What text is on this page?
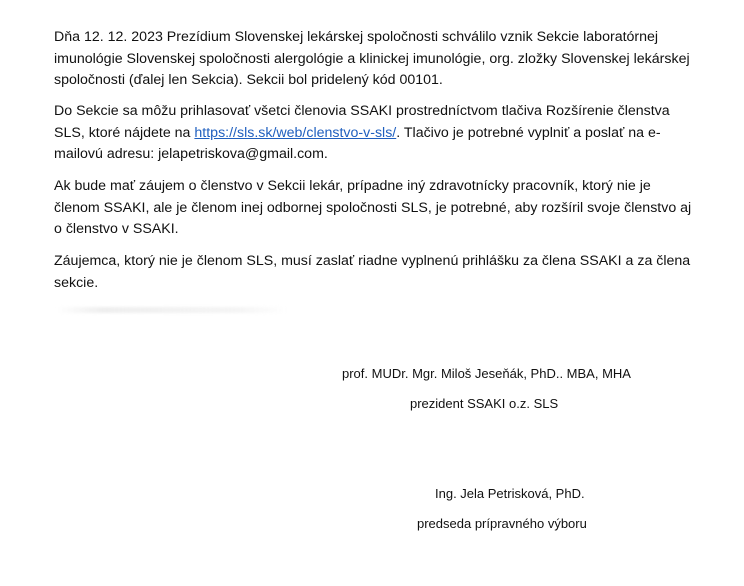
Dňa 12. 12. 2023 Prezídium Slovenskej lekárskej spoločnosti schválilo vznik Sekcie laboratórnej imunológie Slovenskej spoločnosti alergológie a klinickej imunológie, org. zložky Slovenskej lekárskej spoločnosti (ďalej len Sekcia). Sekcii bol pridelený kód 00101.

Do Sekcie sa môžu prihlasovať všetci členovia SSAKI prostredníctvom tlačiva Rozšírenie členstva SLS, ktoré nájdete na https://sls.sk/web/clenstvo-v-sls/. Tlačivo je potrebné vyplniť a poslať na e-mailovú adresu: jelapetriskova@gmail.com.

Ak bude mať záujem o členstvo v Sekcii lekár, prípadne iný zdravotnícky pracovník, ktorý nie je členom SSAKI, ale je členom inej odbornej spoločnosti SLS, je potrebné, aby rozšíril svoje členstvo aj o členstvo v SSAKI.

Záujemca, ktorý nie je členom SLS, musí zaslať riadne vyplnenú prihlášku za člena SSAKI a za člena sekcie.

prof. MUDr. Mgr. Miloš Jeseňák, PhD.. MBA, MHA
prezident SSAKI o.z. SLS
Ing. Jela Petrisková, PhD.
predseda prípravného výboru
